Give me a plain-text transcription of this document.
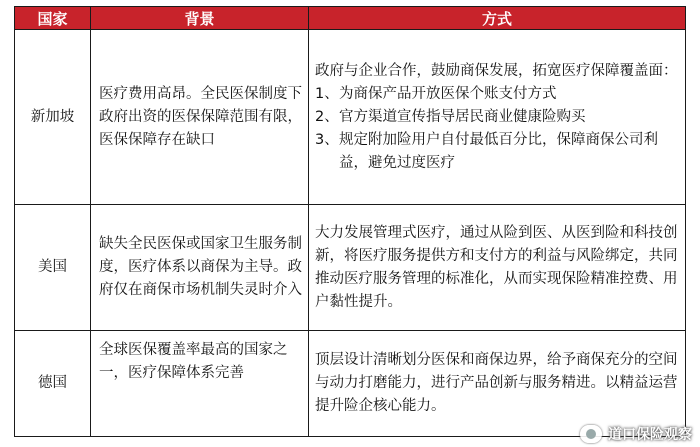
国家	背景	方式
新加坡	医疗费用高昂。全民医保制度下政府出资的医保保障范围有限，医保保障存在缺口	政府与企业合作，鼓励商保发展，拓宽医疗保障覆盖面：
1、为商保产品开放医保个账支付方式
2、官方渠道宣传指导居民商业健康险购买
3、规定附加险用户自付最低百分比，保障商保公司利益，避免过度医疗

美国	缺失全民医保或国家卫生服务制度，医疗体系以商保为主导。政府仅在商保市场机制失灵时介入	大力发展管理式医疗，通过从险到医、从医到险和科技创新，将医疗服务提供方和支付方的利益与风险绑定，共同推动医疗服务管理的标准化，从而实现保险精准控费、用户黏性提升。
德国	全球医保覆盖率最高的国家之一，医疗保障体系完善	顶层设计清晰划分医保和商保边界，给予商保充分的空间与动力打磨能力，进行产品创新与服务精进。以精益运营提升险企核心能力。
道口保险观察
